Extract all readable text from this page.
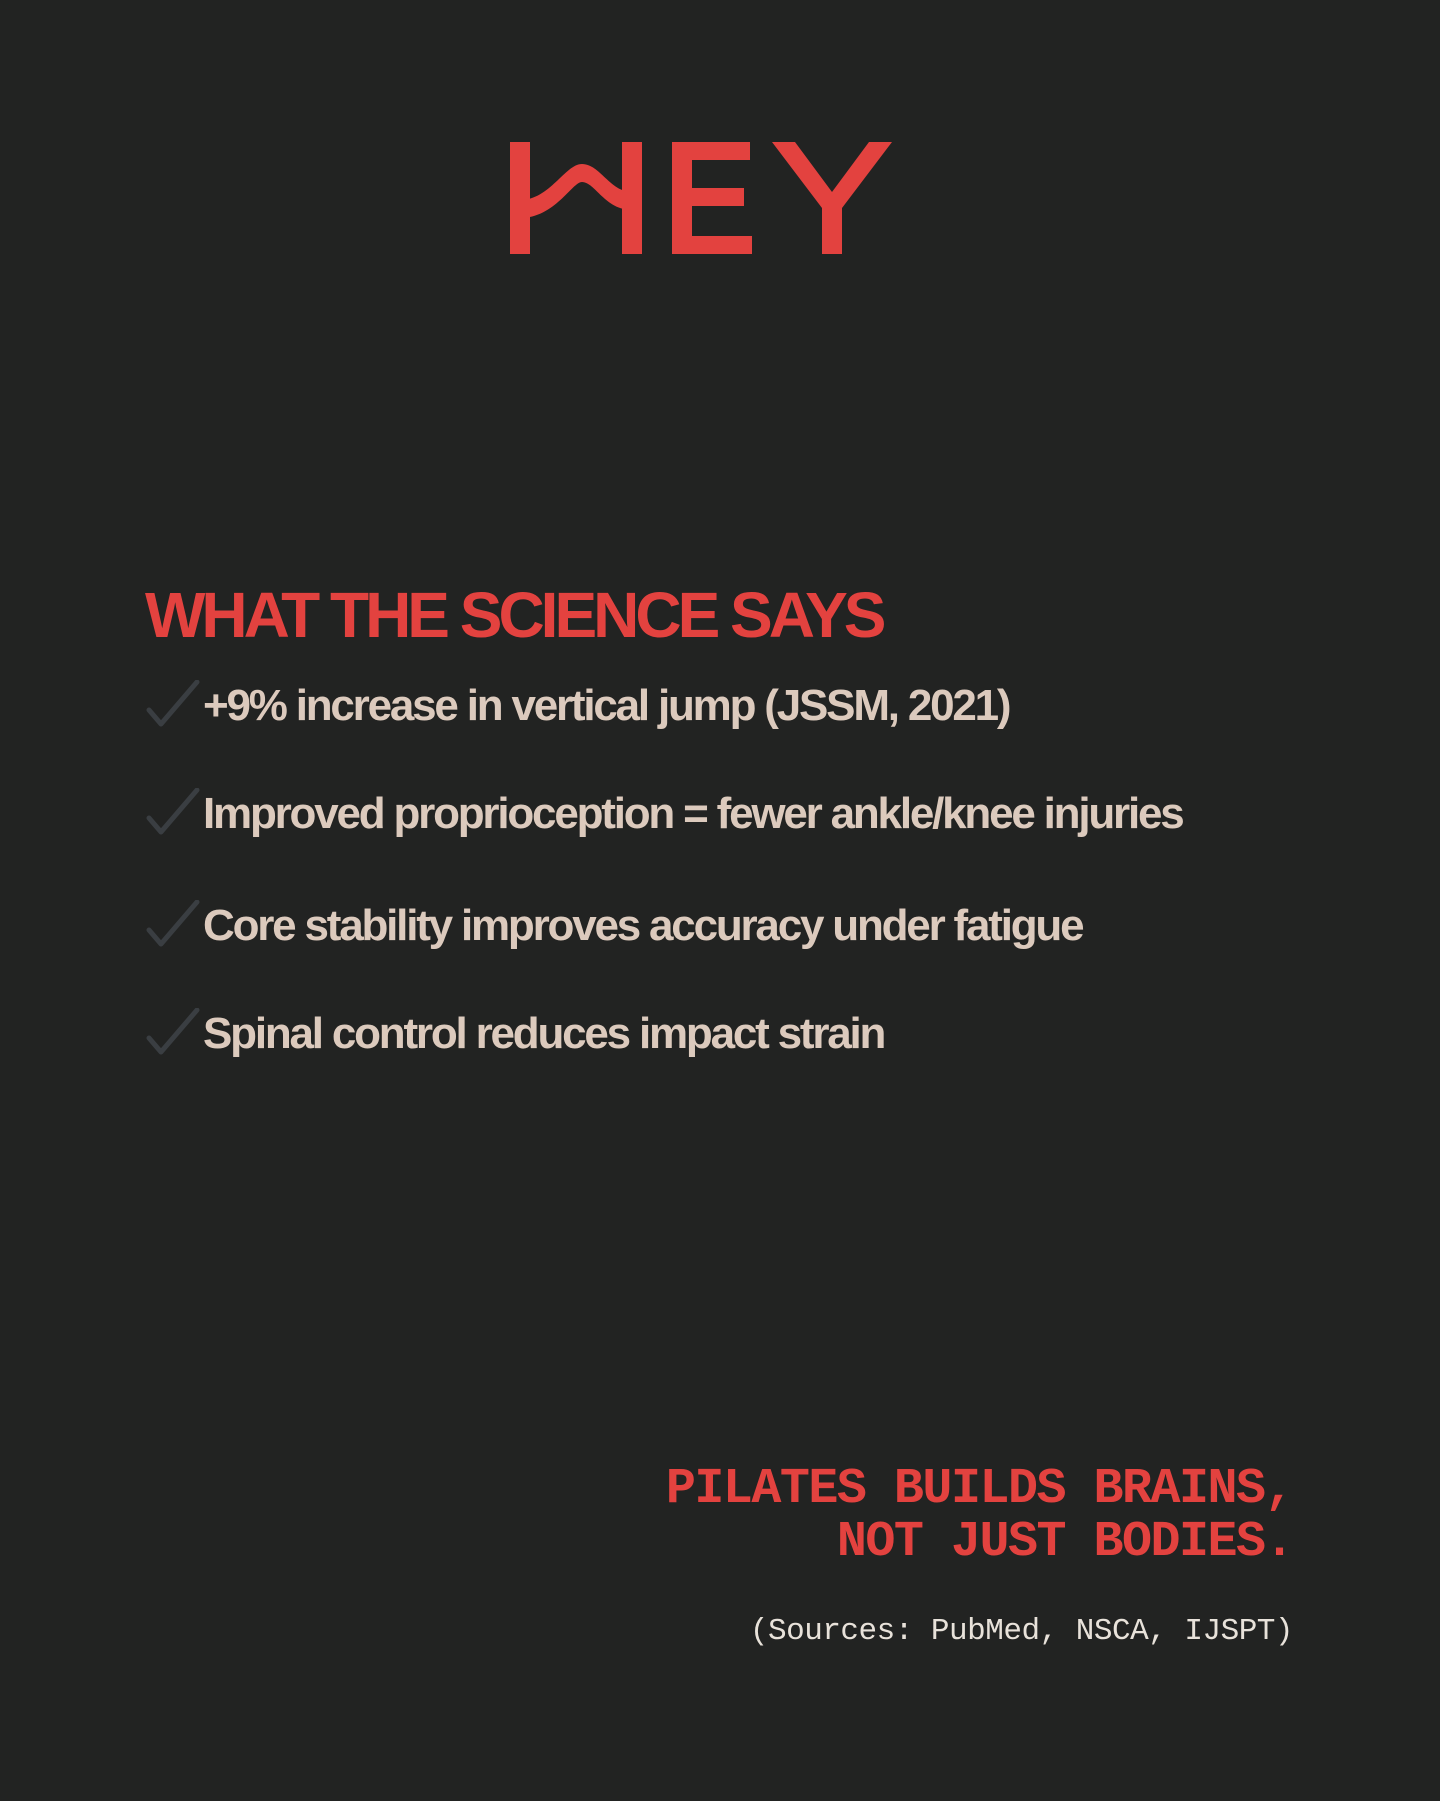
WHAT THE SCIENCE SAYS
+9% increase in vertical jump (JSSM, 2021)
Improved proprioception = fewer ankle/knee injuries
Core stability improves accuracy under fatigue
Spinal control reduces impact strain
PILATES BUILDS BRAINS,
NOT JUST BODIES.
(Sources: PubMed, NSCA, IJSPT)
